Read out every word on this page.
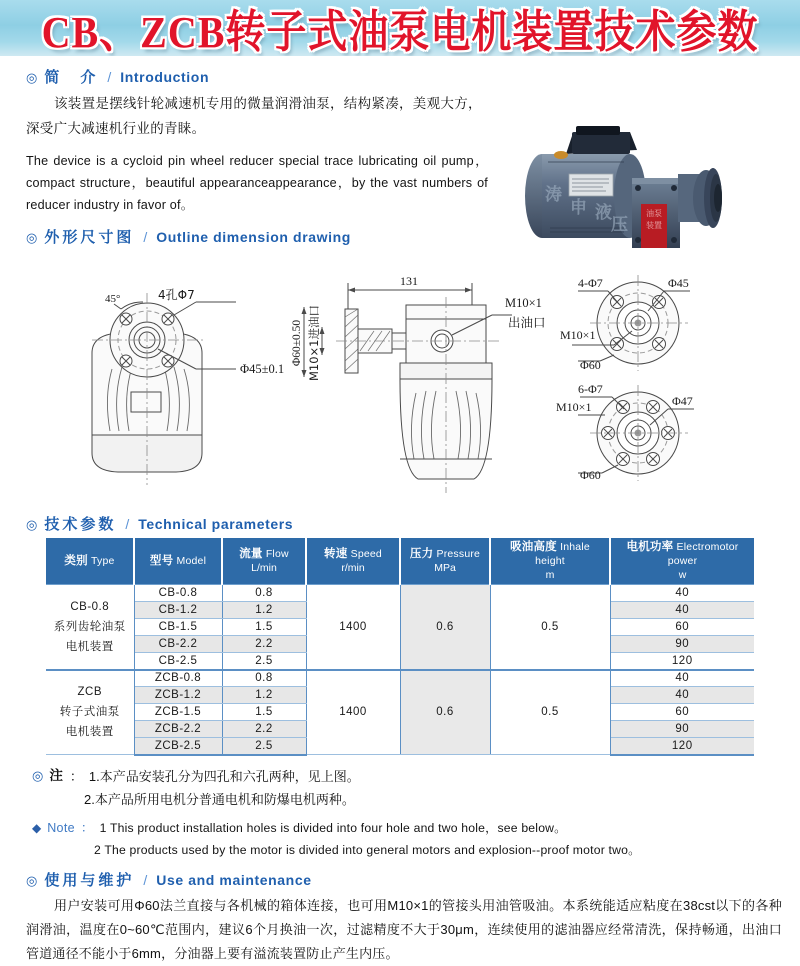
CB、ZCB转子式油泵电机装置技术参数
◎ 简　介 / Introduction

该装置是摆线针轮减速机专用的微量润滑油泵，结构紧凑，美观大方，深受广大减速机行业的青睐。

The device is a cycloid pin wheel reducer special trace lubricating oil pump，compact structure，beautiful appearanceappearance，by the vast numbers of reducer industry in favor of。	涛
申 液
压
油泵
装置
◎ 外形尺寸图 / Outline dimension drawing
45°	4孔Φ7
Φ45±0.1
131
Φ60±0.50 M10×1进油口
M10×1
出油口
4-Φ7	Φ45
M10×1
Φ60
6-Φ7
M10×1	Φ47
Φ60
◎ 技术参数 / Technical parameters
类别 Type	型号 Model	流量 Flow
L/min	转速 Speed
r/min	压力 Pressure
MPa	吸油高度 Inhale height
m	电机功率 Electromotor power
w

CB-0.8
系列齿轮油泵
电机装置	CB-0.8	0.8	1400	0.6	0.5	40
	CB-1.2	1.2				40
	CB-1.5	1.5				60
	CB-2.2	2.2				90
	CB-2.5	2.5				120

ZCB
转子式油泵
电机装置	ZCB-0.8	0.8	1400	0.6	0.5	40
	ZCB-1.2	1.2				40
	ZCB-1.5	1.5				60
	ZCB-2.2	2.2				90
	ZCB-2.5	2.5				120
◎ 注 ： 1.本产品安装孔分为四孔和六孔两种，见上图。
2.本产品所用电机分普通电机和防爆电机两种。
◆ Note ： 1 This product installation holes is divided into four hole and two hole，see below。
2 The products used by the motor is divided into general motors and explosion--proof motor two。
◎ 使用与维护 / Use and maintenance

用户安装可用Φ60法兰直接与各机械的箱体连接，也可用M10×1的管接头用油管吸油。本系统能适应粘度在38cst以下的各种润滑油，温度在0~60℃范围内，建议6个月换油一次，过滤精度不大于30μm，连续使用的滤油器应经常清洗，保持畅通，出油口管道通径不能小于6mm，分油器上要有溢流装置防止产生内压。
